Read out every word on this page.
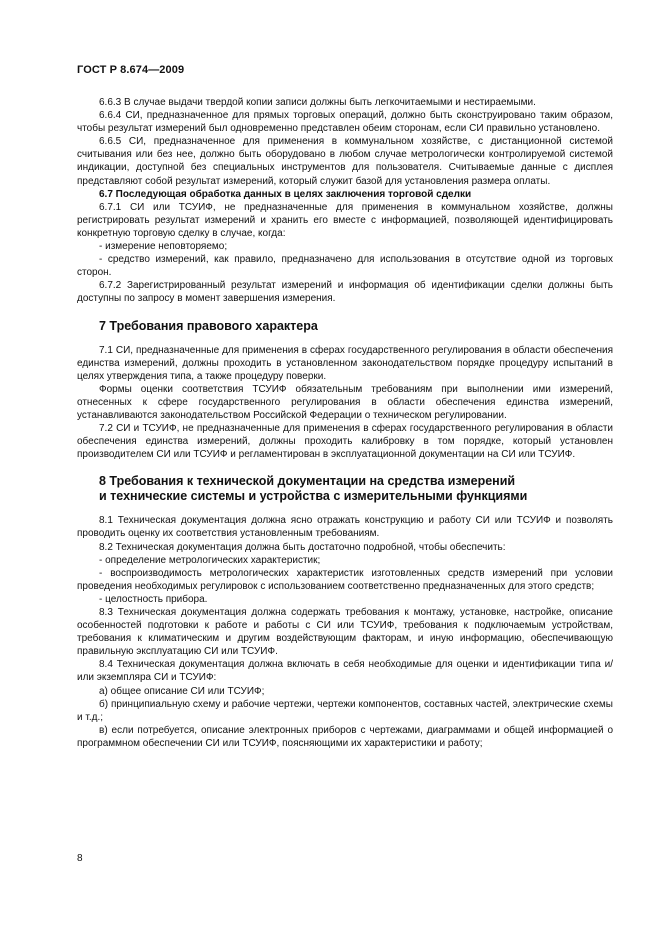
ГОСТ Р 8.674—2009

6.6.3 В случае выдачи твердой копии записи должны быть легкочитаемыми и нестираемыми.

6.6.4 СИ, предназначенное для прямых торговых операций, должно быть сконструировано таким образом, чтобы результат измерений был одновременно представлен обеим сторонам, если СИ правильно установлено.

6.6.5 СИ, предназначенное для применения в коммунальном хозяйстве, с дистанционной системой считывания или без нее, должно быть оборудовано в любом случае метрологически контролируемой системой индикации, доступной без специальных инструментов для пользователя. Считываемые данные с дисплея представляют собой результат измерений, который служит базой для установления размера оплаты.

6.7 Последующая обработка данных в целях заключения торговой сделки

6.7.1 СИ или ТСУИФ, не предназначенные для применения в коммунальном хозяйстве, должны регистрировать результат измерений и хранить его вместе с информацией, позволяющей идентифицировать конкретную торговую сделку в случае, когда:

- измерение неповторяемо;

- средство измерений, как правило, предназначено для использования в отсутствие одной из торговых сторон.

6.7.2 Зарегистрированный результат измерений и информация об идентификации сделки должны быть доступны по запросу в момент завершения измерения.

7 Требования правового характера

7.1 СИ, предназначенные для применения в сферах государственного регулирования в области обеспечения единства измерений, должны проходить в установленном законодательством порядке процедуру испытаний в целях утверждения типа, а также процедуру поверки.

Формы оценки соответствия ТСУИФ обязательным требованиям при выполнении ими измерений, отнесенных к сфере государственного регулирования в области обеспечения единства измерений, устанавливаются законодательством Российской Федерации о техническом регулировании.

7.2 СИ и ТСУИФ, не предназначенные для применения в сферах государственного регулирования в области обеспечения единства измерений, должны проходить калибровку в том порядке, который установлен производителем СИ или ТСУИФ и регламентирован в эксплуатационной документации на СИ или ТСУИФ.

8 Требования к технической документации на средства измерений
и технические системы и устройства с измерительными функциями

8.1 Техническая документация должна ясно отражать конструкцию и работу СИ или ТСУИФ и позволять проводить оценку их соответствия установленным требованиям.

8.2 Техническая документация должна быть достаточно подробной, чтобы обеспечить:

- определение метрологических характеристик;

- воспроизводимость метрологических характеристик изготовленных средств измерений при условии проведения необходимых регулировок с использованием соответственно предназначенных для этого средств;

- целостность прибора.

8.3 Техническая документация должна содержать требования к монтажу, установке, настройке, описание особенностей подготовки к работе и работы с СИ или ТСУИФ, требования к подключаемым устройствам, требования к климатическим и другим воздействующим факторам, и иную информацию, обеспечивающую правильную эксплуатацию СИ или ТСУИФ.

8.4 Техническая документация должна включать в себя необходимые для оценки и идентификации типа и/или экземпляра СИ и ТСУИФ:

а) общее описание СИ или ТСУИФ;

б) принципиальную схему и рабочие чертежи, чертежи компонентов, составных частей, электрические схемы и т.д.;

в) если потребуется, описание электронных приборов с чертежами, диаграммами и общей информацией о программном обеспечении СИ или ТСУИФ, поясняющими их характеристики и работу;

8
